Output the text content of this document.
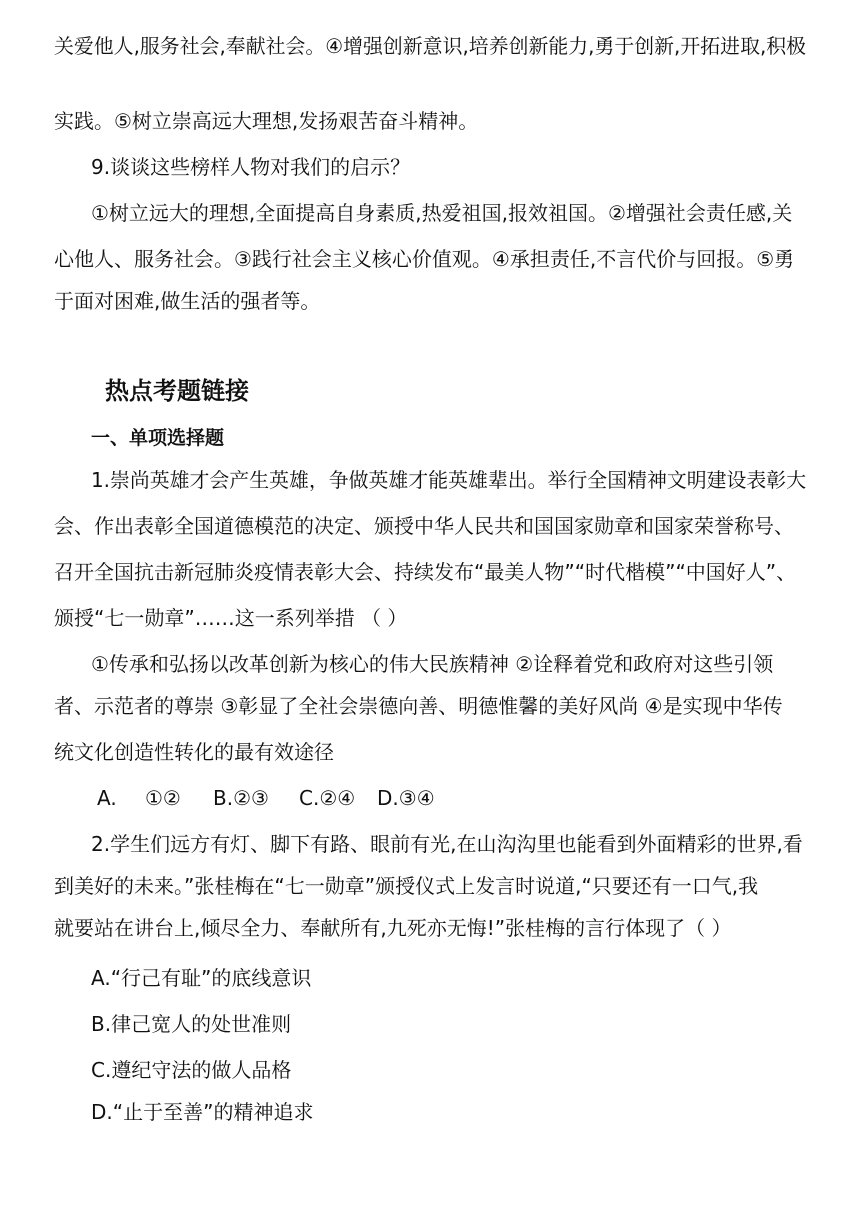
关爱他人,服务社会,奉献社会。④增强创新意识,培养创新能力,勇于创新,开拓进取,积极
实践。⑤树立崇高远大理想,发扬艰苦奋斗精神。
9.谈谈这些榜样人物对我们的启示？
①树立远大的理想,全面提高自身素质,热爱祖国,报效祖国。②增强社会责任感,关
心他人、服务社会。③践行社会主义核心价值观。④承担责任,不言代价与回报。⑤勇
于面对困难,做生活的强者等。
热点考题链接
一、单项选择题
1.崇尚英雄才会产生英雄，争做英雄才能英雄辈出。举行全国精神文明建设表彰大
会、作出表彰全国道德模范的决定、颁授中华人民共和国国家勋章和国家荣誉称号、
召开全国抗击新冠肺炎疫情表彰大会、持续发布“最美人物”“时代楷模”“中国好人”、
颁授“七一勋章”……这一系列举措 （ ）
①传承和弘扬以改革创新为核心的伟大民族精神 ②诠释着党和政府对这些引领
者、示范者的尊崇 ③彰显了全社会崇德向善、明德惟馨的美好风尚 ④是实现中华传
统文化创造性转化的最有效途径
A. ①② B.②③ C.②④ D.③④
2.学生们远方有灯、脚下有路、眼前有光,在山沟沟里也能看到外面精彩的世界,看
到美好的未来。”张桂梅在“七一勋章”颁授仪式上发言时说道,“只要还有一口气,我
就要站在讲台上,倾尽全力、奉献所有,九死亦无悔!”张桂梅的言行体现了（ ）
A.“行己有耻”的底线意识
B.律己宽人的处世准则
C.遵纪守法的做人品格
D.“止于至善”的精神追求
